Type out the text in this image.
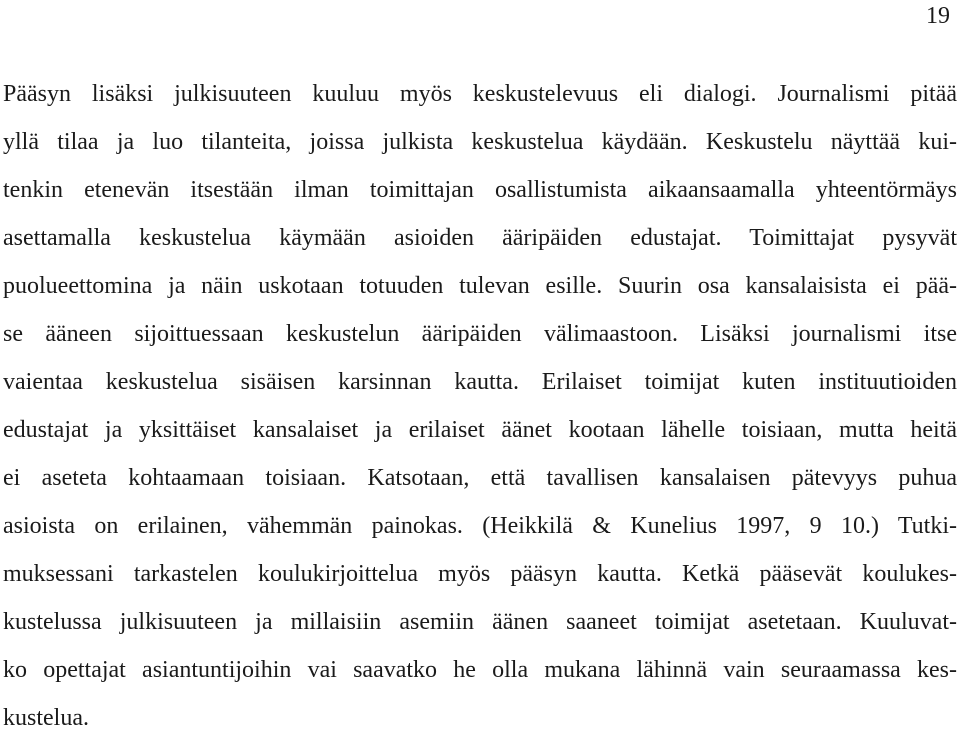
19
Pääsyn lisäksi julkisuuteen kuuluu myös keskustelevuus eli dialogi. Journalismi pitää
yllä tilaa ja luo tilanteita, joissa julkista keskustelua käydään. Keskustelu näyttää kui-
tenkin etenevän itsestään ilman toimittajan osallistumista aikaansaamalla yhteentörmäys
asettamalla keskustelua käymään asioiden ääripäiden edustajat. Toimittajat pysyvät
puolueettomina ja näin uskotaan totuuden tulevan esille. Suurin osa kansalaisista ei pää-
se ääneen sijoittuessaan keskustelun ääripäiden välimaastoon. Lisäksi journalismi itse
vaientaa keskustelua sisäisen karsinnan kautta. Erilaiset toimijat kuten instituutioiden
edustajat ja yksittäiset kansalaiset ja erilaiset äänet kootaan lähelle toisiaan, mutta heitä
ei aseteta kohtaamaan toisiaan. Katsotaan, että tavallisen kansalaisen pätevyys puhua
asioista on erilainen, vähemmän painokas. (Heikkilä & Kunelius 1997, 9 10.) Tutki-
muksessani tarkastelen koulukirjoittelua myös pääsyn kautta. Ketkä pääsevät koulukes-
kustelussa julkisuuteen ja millaisiin asemiin äänen saaneet toimijat asetetaan. Kuuluvat-
ko opettajat asiantuntijoihin vai saavatko he olla mukana lähinnä vain seuraamassa kes-
kustelua.
